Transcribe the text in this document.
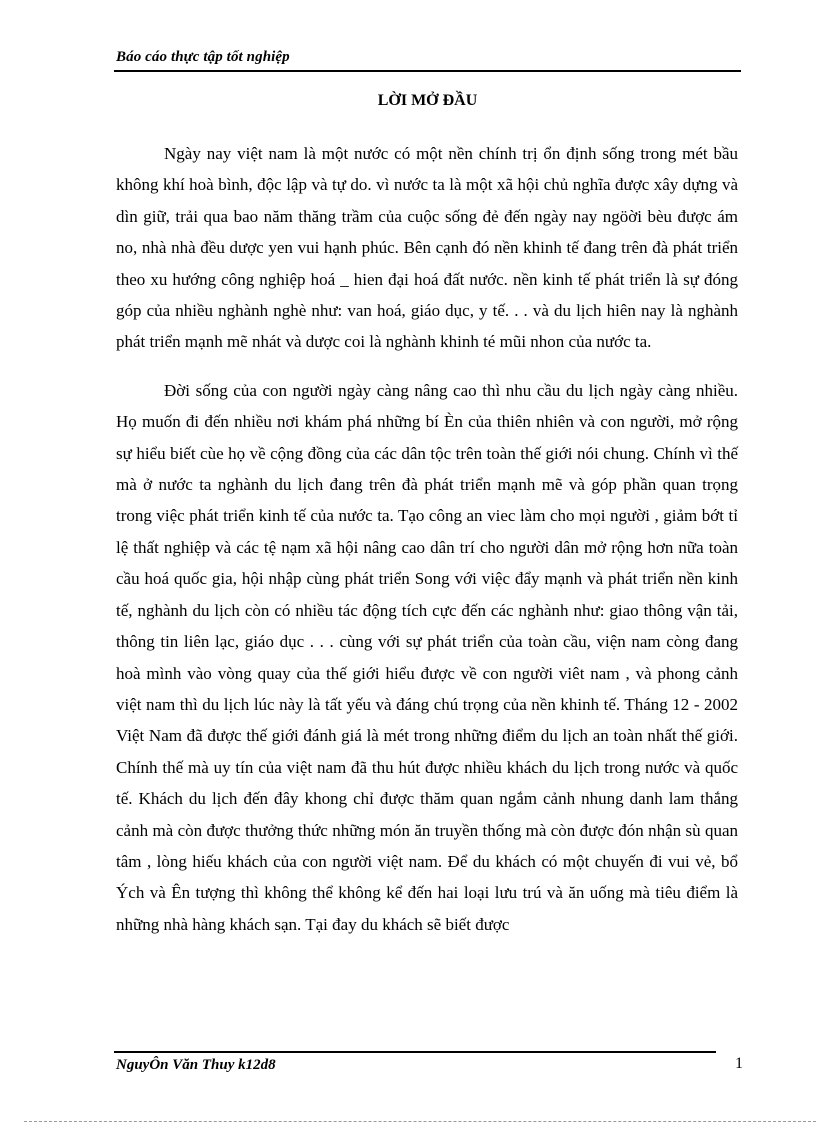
Báo cáo thực tập tốt nghiệp
LỜI MỞ ĐẦU

Ngày nay việt nam là một nước có một nền chính trị ổn định sống trong mét bầu không khí hoà bình, độc lập và tự do. vì nước ta là một xã hội chủ nghĩa được xây dựng và dìn giữ, trải qua bao năm thăng trầm của cuộc sống đẻ đến ngày nay ngöời bèu được ám no, nhà nhà đều dược yen vui hạnh phúc. Bên cạnh đó nền khinh tế đang trên đà phát triển theo xu hướng công nghiệp hoá _ hien đại hoá đất nước. nền kinh tế phát triển là sự đóng góp của nhiều nghành nghè như: van hoá, giáo dục, y tế. . . và du lịch hiên nay là nghành phát triển mạnh mẽ nhát và dược coi là nghành khinh té mũi nhon của nước ta.

Đời sống của con người ngày càng nâng cao thì nhu cầu du lịch ngày càng nhiều. Họ muốn đi đến nhiều nơi khám phá những bí Èn của thiên nhiên và con người, mở rộng sự hiểu biết cùe họ về cộng đồng của các dân tộc trên toàn thế giới nói chung. Chính vì thế mà ở nước ta nghành du lịch đang trên đà phát triển mạnh mẽ và góp phần quan trọng trong việc phát triển kinh tế của nước ta. Tạo công an viec làm cho mọi người , giảm bớt tỉ lệ thất nghiệp và các tệ nạm xã hội nâng cao dân trí cho người dân mở rộng hơn nữa toàn cầu hoá quốc gia, hội nhập cùng phát triển Song với việc đẩy mạnh và phát triển nền kinh tế, nghành du lịch còn có nhiều tác động tích cực đến các nghành như: giao thông vận tải, thông tin liên lạc, giáo dục . . . cùng với sự phát triển của toàn cầu, viện nam còng đang hoà mình vào vòng quay của thế giới hiểu được về con người viêt nam , và phong cảnh việt nam thì du lịch lúc này là tất yếu và đáng chú trọng của nền khinh tế. Tháng 12 - 2002 Việt Nam đã được thế giới đánh giá là mét trong những điểm du lịch an toàn nhất thế giới. Chính thế mà uy tín của việt nam đã thu hút được nhiều khách du lịch trong nước và quốc tế. Khách du lịch đến đây khong chỉ được thăm quan ngắm cảnh nhung danh lam thắng cảnh mà còn được thưởng thức những món ăn truyền thống mà còn được đón nhận sù quan tâm , lòng hiếu khách của con người việt nam. Để du khách có một chuyến đi vui vẻ, bổ Ých và Ên tượng thì không thể không kể đến hai loại lưu trú và ăn uống mà tiêu điểm là những nhà hàng khách sạn. Tại đay du khách sẽ biết được

NguyÔn Văn Thuy k12d8	1
